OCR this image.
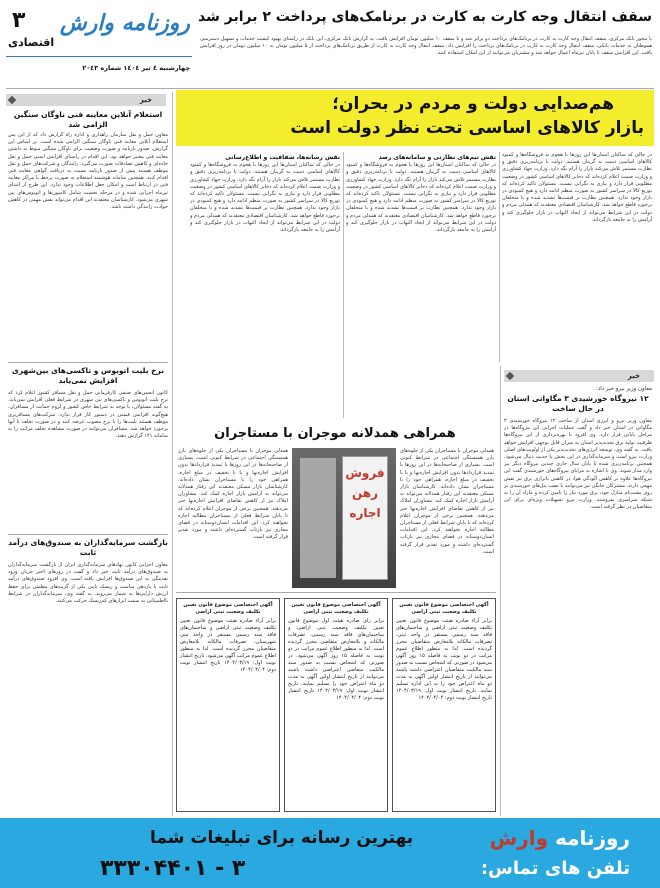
۳
اقتصادی
روزنامه وارش
چهارشنبه ٤ تیر ١٤٠٤ شماره ٢٠٤٣
سقف انتقال وجه کارت به کارت در برنامک‌های پرداخت ۲ برابر شد
با مجوز بانک مرکزی، سقف انتقال وجه کارت به کارت در برنامک‌های پرداخت دو برابر شد و تا سقف ۱۰ میلیون تومان افزایش یافت. به گزارش بانک مرکزی، این بانک در راستای بهبود کیفیت خدمات و تسهیل دسترسی هموطنان به خدمات بانکی، سقف انتقال وجه کارت به کارت در برنامک‌های پرداخت را افزایش داد. سقف انتقال وجه کارت به کارت از طریق برنامک‌های پرداخت از ۵ میلیون تومان به ۱۰ میلیون تومان در روز افزایش یافت. این افزایش سقف تا پایان تیرماه اعمال خواهد شد و مشتریان می‌توانند از این امکان استفاده کنند.
خبر
استعلام آنلاین معاینه فنی ناوگان سنگین الزامی شد
معاون حمل و نقل سازمان راهداری و اداره راه گزارش داد که از این پس استعلام آنلاین معاینه فنی ناوگان سنگین الزامی شده است. بر اساس این گزارش، صدور بارنامه و صورت وضعیت برای ناوگان سنگین منوط به داشتن معاینه فنی معتبر خواهد بود. این اقدام در راستای افزایش ایمنی حمل و نقل جاده‌ای و کاهش تصادفات صورت می‌گیرد. رانندگان و شرکت‌های حمل و نقل موظف هستند پیش از صدور بارنامه نسبت به دریافت گواهی معاینه فنی اقدام کنند. همچنین سامانه هوشمند استعلام به صورت برخط با مراکز معاینه فنی در ارتباط است و امکان جعل اطلاعات وجود ندارد. این طرح از ابتدای تیرماه اجرایی شده و در مرحله نخست شامل کامیون‌ها و اتوبوس‌های بین شهری می‌شود. کارشناسان معتقدند این اقدام می‌تواند نقش مهمی در کاهش حوادث رانندگی داشته باشد.
نرخ بلیت اتوبوس و تاکسی‌های بین‌شهری افزایش نمی‌یابد
کانون انجمن‌های صنفی کارفرمایی حمل و نقل مسافر کشور اعلام کرد که نرخ بلیت اتوبوس و تاکسی‌های بین شهری در شرایط فعلی افزایش نمی‌یابد. به گفته مسئولان، با توجه به شرایط خاص کشور و لزوم حمایت از مسافران، هیچ‌گونه افزایش قیمتی در دستور کار قرار ندارد. شرکت‌های مسافربری موظف هستند بلیت‌ها را با نرخ مصوب عرضه کنند و در صورت تخلف با آنها برخورد خواهد شد. مسافران می‌توانند در صورت مشاهده تخلف مراتب را به سامانه ۱۴۱ گزارش دهند.
بازگشت سرمایه‌گذاران به صندوق‌های درآمد ثابت
معاون اجرایی کانون نهادهای سرمایه‌گذاری ایران از بازگشت سرمایه‌گذاران به صندوق‌های درآمد ثابت خبر داد و گفت در روزهای اخیر جریان ورود نقدینگی به این صندوق‌ها افزایش یافته است. وی افزود صندوق‌های درآمد ثابت با بازدهی مناسب و ریسک پایین یکی از گزینه‌های مطمئن برای حفظ ارزش دارایی‌ها به شمار می‌روند. به گفته وی، سرمایه‌گذاران در شرایط نااطمینانی به سمت ابزارهای کم‌ریسک حرکت می‌کنند.
هم‌صدایی دولت و مردم در بحران؛
بازار کالاهای اساسی تحت نظر دولت است
در حالی که ساکنان استان‌ها این روزها با هجوم به فروشگاه‌ها و کمبود کالاهای اساسی دست به گریبان هستند، دولت با برنامه‌ریزی دقیق و نظارت مستمر تلاش می‌کند بازار را آرام نگه دارد. وزارت جهاد کشاورزی و وزارت صمت اعلام کرده‌اند که ذخایر کالاهای اساسی کشور در وضعیت مطلوبی قرار دارد و نیازی به نگرانی نیست. مسئولان تاکید کرده‌اند که توزیع کالا در سراسر کشور به صورت منظم ادامه دارد و هیچ کمبودی در بازار وجود ندارد. همچنین نظارت بر قیمت‌ها تشدید شده و با متخلفان برخورد قاطع خواهد شد. کارشناسان اقتصادی معتقدند که همدلی مردم و دولت در این شرایط می‌تواند از ایجاد التهاب در بازار جلوگیری کند و آرامش را به جامعه بازگرداند.
نقش تیم‌های نظارتی و سامانه‌های رصد
در حالی که ساکنان استان‌ها این روزها با هجوم به فروشگاه‌ها و کمبود کالاهای اساسی دست به گریبان هستند، دولت با برنامه‌ریزی دقیق و نظارت مستمر تلاش می‌کند بازار را آرام نگه دارد. وزارت جهاد کشاورزی و وزارت صمت اعلام کرده‌اند که ذخایر کالاهای اساسی کشور در وضعیت مطلوبی قرار دارد و نیازی به نگرانی نیست. مسئولان تاکید کرده‌اند که توزیع کالا در سراسر کشور به صورت منظم ادامه دارد و هیچ کمبودی در بازار وجود ندارد. همچنین نظارت بر قیمت‌ها تشدید شده و با متخلفان برخورد قاطع خواهد شد. کارشناسان اقتصادی معتقدند که همدلی مردم و دولت در این شرایط می‌تواند از ایجاد التهاب در بازار جلوگیری کند و آرامش را به جامعه بازگرداند.
نقش رسانه‌ها، شفافیت و اطلاع‌رسانی
در حالی که ساکنان استان‌ها این روزها با هجوم به فروشگاه‌ها و کمبود کالاهای اساسی دست به گریبان هستند، دولت با برنامه‌ریزی دقیق و نظارت مستمر تلاش می‌کند بازار را آرام نگه دارد. وزارت جهاد کشاورزی و وزارت صمت اعلام کرده‌اند که ذخایر کالاهای اساسی کشور در وضعیت مطلوبی قرار دارد و نیازی به نگرانی نیست. مسئولان تاکید کرده‌اند که توزیع کالا در سراسر کشور به صورت منظم ادامه دارد و هیچ کمبودی در بازار وجود ندارد. همچنین نظارت بر قیمت‌ها تشدید شده و با متخلفان برخورد قاطع خواهد شد. کارشناسان اقتصادی معتقدند که همدلی مردم و دولت در این شرایط می‌تواند از ایجاد التهاب در بازار جلوگیری کند و آرامش را به جامعه بازگرداند.
خبر
معاون وزیر نیرو خبر داد:
۱۲ نیروگاه خورشیدی ۳ مگاواتی استان در حال ساخت
معاون وزیر نیرو و انرژی استان از ساخت ۱۲ نیروگاه خورشیدی ۳ مگاواتی در استان خبر داد و گفت عملیات اجرایی این نیروگاه‌ها در مراحل پایانی قرار دارد. وی افزود با بهره‌برداری از این نیروگاه‌ها ظرفیت تولید برق تجدیدپذیر استان به میزان قابل توجهی افزایش خواهد یافت. به گفته وی، توسعه انرژی‌های تجدیدپذیر یکی از اولویت‌های اصلی وزارت نیرو است و سرمایه‌گذاری در این بخش با جدیت دنبال می‌شود. همچنین برنامه‌ریزی شده تا پایان سال جاری چندین نیروگاه دیگر نیز وارد مدار شوند. وی با اشاره به مزایای نیروگاه‌های خورشیدی گفت این نیروگاه‌ها علاوه بر کاهش آلودگی هوا، در کاهش ناترازی برق نیز نقش مهمی دارند. مشترکان خانگی نیز می‌توانند با نصب پنل‌های خورشیدی بر روی پشت‌بام منازل خود، برق مورد نیاز را تامین کرده و مازاد آن را به شبکه سراسری بفروشند. وزارت نیرو تسهیلات ویژه‌ای برای این متقاضیان در نظر گرفته است.
همراهی همدلانه موجران با مستاجران
همدلی موجران با مستاجران یکی از جلوه‌های بارز همبستگی اجتماعی در شرایط کنونی است. بسیاری از صاحبخانه‌ها در این روزها با تمدید قراردادها بدون افزایش اجاره‌بها و یا با تخفیف در مبلغ اجاره، همراهی خود را با مستاجران نشان داده‌اند. کارشناسان بازار مسکن معتقدند این رفتار همدلانه می‌تواند به آرامش بازار اجاره کمک کند. مشاوران املاک نیز از کاهش تقاضای افزایش اجاره‌بها خبر می‌دهند. همچنین برخی از موجران اعلام کرده‌اند که تا پایان شرایط فعلی از مستاجران مطالبه اجاره نخواهند کرد. این اقدامات انسان‌دوستانه در فضای مجازی نیز بازتاب گسترده‌ای داشته و مورد تقدیر قرار گرفته است.
فروش رهن اجاره
همدلی موجران با مستاجران یکی از جلوه‌های بارز همبستگی اجتماعی در شرایط کنونی است. بسیاری از صاحبخانه‌ها در این روزها با تمدید قراردادها بدون افزایش اجاره‌بها و یا با تخفیف در مبلغ اجاره، همراهی خود را با مستاجران نشان داده‌اند. کارشناسان بازار مسکن معتقدند این رفتار همدلانه می‌تواند به آرامش بازار اجاره کمک کند. مشاوران املاک نیز از کاهش تقاضای افزایش اجاره‌بها خبر می‌دهند. همچنین برخی از موجران اعلام کرده‌اند که تا پایان شرایط فعلی از مستاجران مطالبه اجاره نخواهند کرد. این اقدامات انسان‌دوستانه در فضای مجازی نیز بازتاب گسترده‌ای داشته و مورد تقدیر قرار گرفته است.
آگهی اختصاصی موضوع قانون تعیین تکلیف وضعیت ثبتی اراضی
برابر آراء صادره هیئت موضوع قانون تعیین تکلیف وضعیت ثبتی اراضی و ساختمان‌های فاقد سند رسمی مستقر در واحد ثبتی، تصرفات مالکانه بلامعارض متقاضیان محرز گردیده است. لذا به منظور اطلاع عموم مراتب در دو نوبت به فاصله ۱۵ روز آگهی می‌شود در صورتی که اشخاص نسبت به صدور سند مالکیت متقاضیان اعتراضی داشته باشند می‌توانند از تاریخ انتشار اولین آگهی به مدت دو ماه اعتراض خود را به این اداره تسلیم نمایند. تاریخ انتشار نوبت اول: ۱۴۰۴/۰۳/۱۹ تاریخ انتشار نوبت دوم: ۱۴۰۴/۰۴/۰۴
آگهی اختصاصی موضوع قانون تعیین تکلیف وضعیت ثبتی اراضی
برابر رای صادره هیئت اول موضوع قانون تعیین تکلیف وضعیت ثبتی اراضی و ساختمان‌های فاقد سند رسمی، تصرفات مالکانه و بلامعارض متقاضی محرز گردیده است. لذا به منظور اطلاع عموم مراتب در دو نوبت به فاصله ۱۵ روز آگهی می‌شود. در صورتی که اشخاص نسبت به صدور سند مالکیت متقاضی اعتراضی داشته باشند می‌توانند از تاریخ انتشار اولین آگهی به مدت دو ماه اعتراض خود را تسلیم نمایند. تاریخ انتشار نوبت اول: ۱۴۰۴/۰۳/۱۹ تاریخ انتشار نوبت دوم: ۱۴۰۴/۰۴/۰۴
آگهی اختصاصی موضوع قانون تعیین تکلیف وضعیت ثبتی اراضی
برابر آراء صادره هیئت موضوع قانون تعیین تکلیف وضعیت ثبتی اراضی و ساختمان‌های فاقد سند رسمی مستقر در واحد ثبتی شهرستان، تصرفات مالکانه بلامعارض متقاضیان محرز گردیده است. لذا به منظور اطلاع عموم مراتب آگهی می‌شود. تاریخ انتشار نوبت اول: ۱۴۰۴/۰۳/۱۹ تاریخ انتشار نوبت دوم: ۱۴۰۴/۰۴/۰۴
روزنامه وارش
بهترین رسانه برای تبلیغات شما
تلفن های تماس:
۳۳۳۰۴۴۰۱ - ۳
